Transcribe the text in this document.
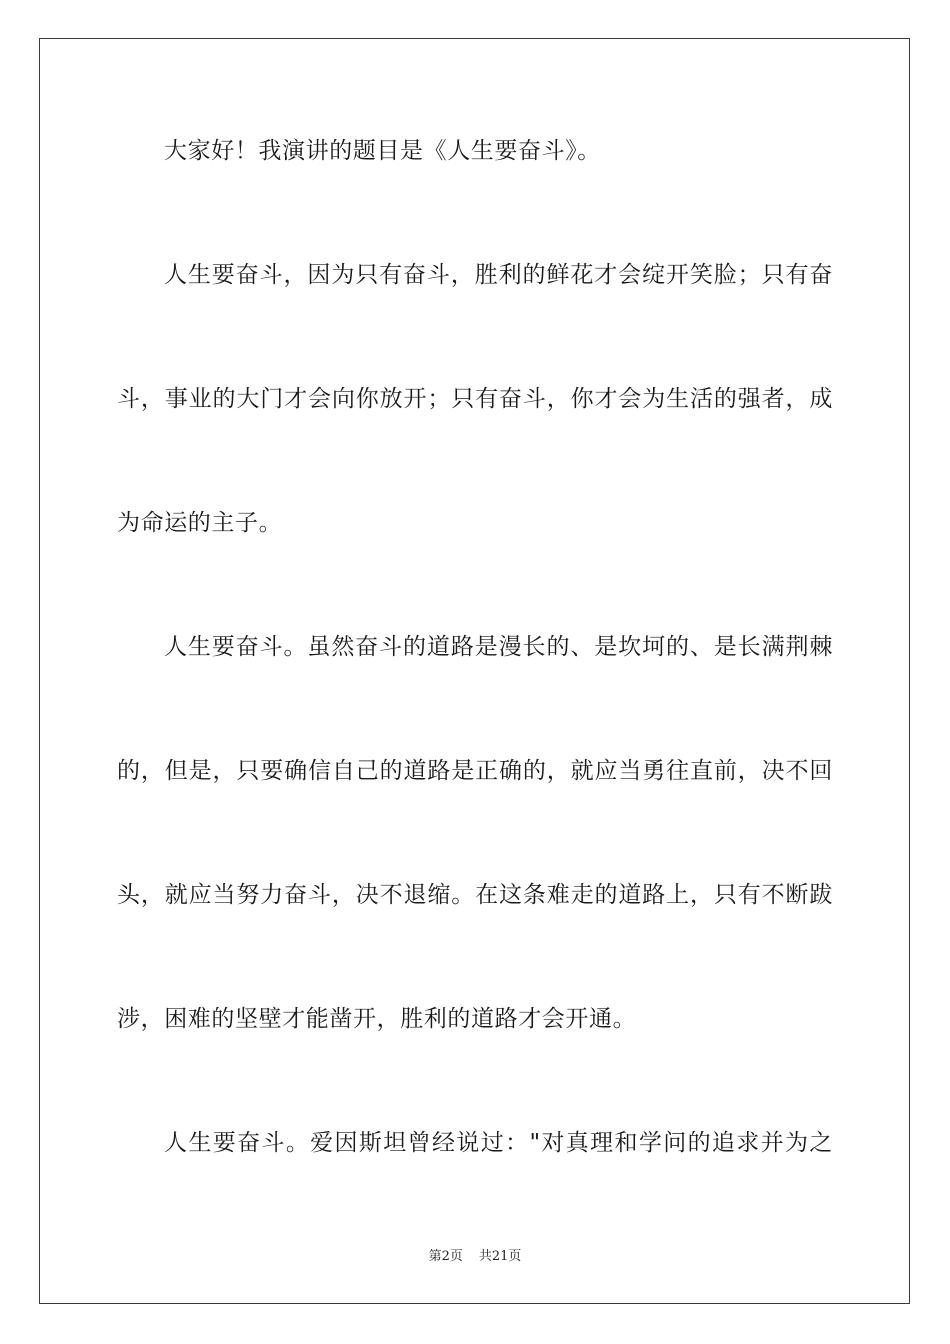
大家好！我演讲的题目是《人生要奋斗》。
人生要奋斗，因为只有奋斗，胜利的鲜花才会绽开笑脸；只有奋
斗，事业的大门才会向你放开；只有奋斗，你才会为生活的强者，成
为命运的主子。
人生要奋斗。虽然奋斗的道路是漫长的、是坎坷的、是长满荆棘
的，但是，只要确信自己的道路是正确的，就应当勇往直前，决不回
头，就应当努力奋斗，决不退缩。在这条难走的道路上，只有不断跋
涉，困难的坚壁才能凿开，胜利的道路才会开通。
人生要奋斗。爱因斯坦曾经说过："对真理和学问的追求并为之
第2页 共21页
